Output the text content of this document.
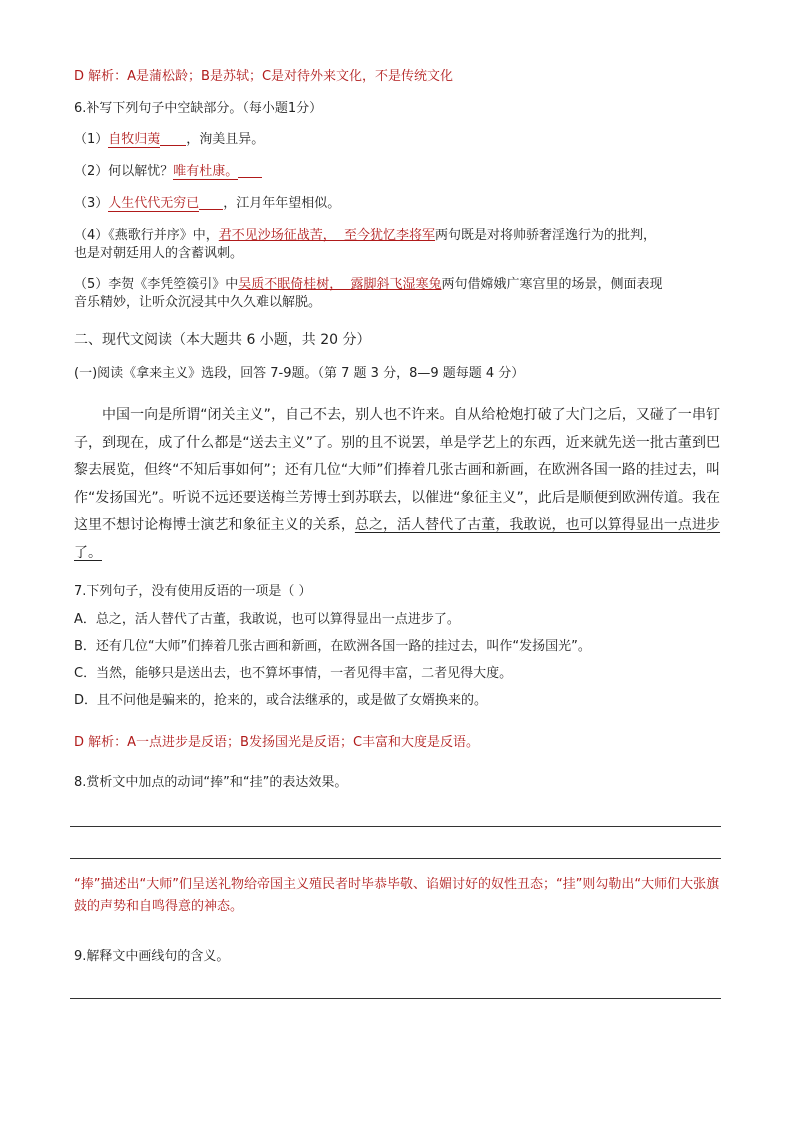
D 解析：A是蒲松龄；B是苏轼；C是对待外来文化，不是传统文化
6.补写下列句子中空缺部分。（每小题1分）
（1）自牧归荑 ，洵美且异。
（2）何以解忧？唯有杜康。
（3）人生代代无穷已 ，江月年年望相似。
（4）《燕歌行并序》中，君不见沙场征战苦，  至今犹忆李将军两句既是对将帅骄奢淫逸行为的批判，
也是对朝廷用人的含蓄讽刺。
（5）李贺《李凭箜篌引》中吴质不眠倚桂树，  露脚斜飞湿寒兔两句借嫦娥广寒宫里的场景，侧面表现
音乐精妙，让听众沉浸其中久久难以解脱。
二、现代文阅读（本大题共 6 小题，共 20 分）
(一)阅读《拿来主义》选段，回答 7-9题。（第 7 题 3 分，8—9 题每题 4 分）
中国一向是所谓“闭关主义”，自己不去，别人也不许来。自从给枪炮打破了大门之后，又碰了一串钉子，到现在，成了什么都是“送去主义”了。别的且不说罢，单是学艺上的东西，近来就先送一批古董到巴黎去展览，但终“不知后事如何”；还有几位“大师”们捧着几张古画和新画，在欧洲各国一路的挂过去，叫作“发扬国光”。听说不远还要送梅兰芳博士到苏联去，以催进“象征主义”，此后是顺便到欧洲传道。我在这里不想讨论梅博士演艺和象征主义的关系，总之，活人替代了古董，我敢说，也可以算得显出一点进步了。
7.下列句子，没有使用反语的一项是（ ）
A．总之，活人替代了古董，我敢说，也可以算得显出一点进步了。
B．还有几位“大师”们捧着几张古画和新画，在欧洲各国一路的挂过去，叫作“发扬国光”。
C．当然，能够只是送出去，也不算坏事情，一者见得丰富，二者见得大度。
D．且不问他是骗来的，抢来的，或合法继承的，或是做了女婿换来的。
D 解析：A一点进步是反语；B发扬国光是反语；C丰富和大度是反语。
8.赏析文中加点的动词“捧”和“挂”的表达效果。
“捧”描述出“大师”们呈送礼物给帝国主义殖民者时毕恭毕敬、谄媚讨好的奴性丑态；“挂”则勾勒出“大师们大张旗鼓的声势和自鸣得意的神态。
9.解释文中画线句的含义。
